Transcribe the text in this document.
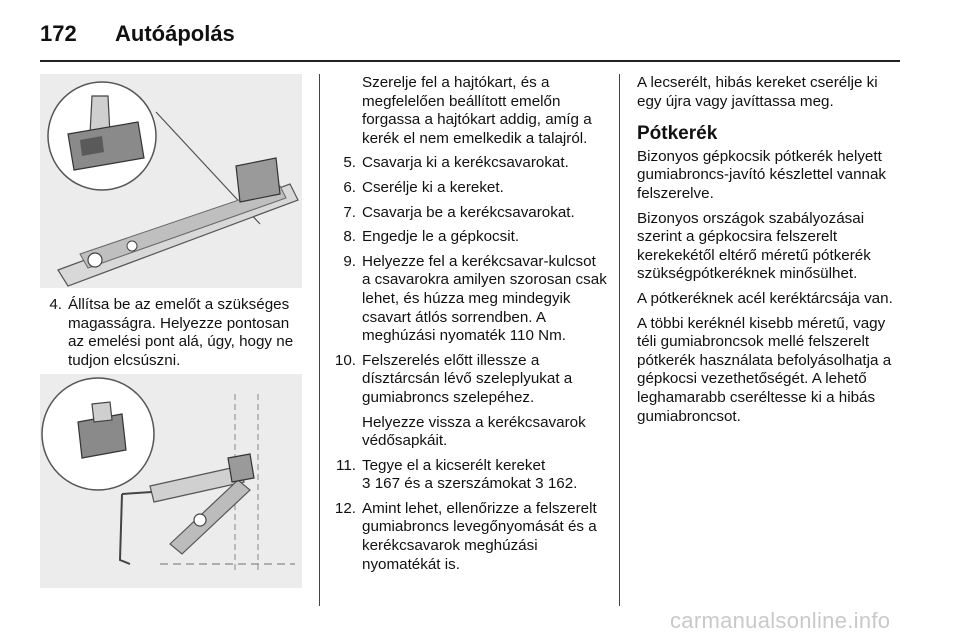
172	Autóápolás
4. Állítsa be az emelőt a szükséges magasságra. Helyezze pontosan az emelési pont alá, úgy, hogy ne tudjon elcsúszni.
Szerelje fel a hajtókart, és a megfelelően beállított emelőn forgassa a hajtókart addig, amíg a kerék el nem emelkedik a talajról.
5. Csavarja ki a kerékcsavarokat.
6. Cserélje ki a kereket.
7. Csavarja be a kerékcsavarokat.
8. Engedje le a gépkocsit.
9. Helyezze fel a kerékcsavar-kulcsot a csavarokra amilyen szorosan csak lehet, és húzza meg mindegyik csavart átlós sorrendben. A meghúzási nyomaték 110 Nm.
10. Felszerelés előtt illessze a dísztárcsán lévő szeleplyukat a gumiabroncs szelepéhez.
Helyezze vissza a kerékcsavarok védősapkáit.
11. Tegye el a kicserélt kereket
3 167 és a szerszámokat 3 162.
12. Amint lehet, ellenőrizze a felszerelt gumiabroncs levegőnyomását és a kerékcsavarok meghúzási nyomatékát is.
A lecserélt, hibás kereket cserélje ki egy újra vagy javíttassa meg.
Pótkerék
Bizonyos gépkocsik pótkerék helyett gumiabroncs-javító készlettel vannak felszerelve.
Bizonyos országok szabályozásai szerint a gépkocsira felszerelt kerekekétől eltérő méretű pótkerék szükségpótkeréknek minősülhet.
A pótkeréknek acél keréktárcsája van.
A többi keréknél kisebb méretű, vagy téli gumiabroncsok mellé felszerelt pótkerék használata befolyásolhatja a gépkocsi vezethetőségét. A lehető leghamarabb cseréltesse ki a hibás gumiabroncsot.
carmanualsonline.info
